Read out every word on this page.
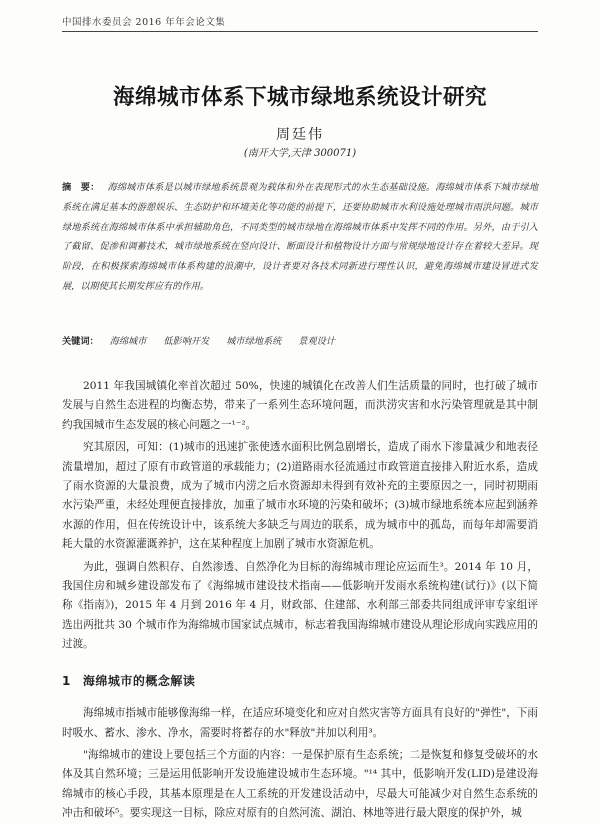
中国排水委员会 2016 年年会论文集
海绵城市体系下城市绿地系统设计研究
周廷伟
(南开大学,天津 300071)
摘　要： 海绵城市体系是以城市绿地系统景观为载体和外在表现形式的水生态基础设施。海绵城市体系下城市绿地系统在满足基本的游憩娱乐、生态防护和环境美化等功能的前提下，还要协助城市水利设施处理城市雨洪问题。城市绿地系统在海绵城市体系中承担辅助角色，不同类型的城市绿地在海绵城市体系中发挥不同的作用。另外，由于引入了截留、促渗和调蓄技术，城市绿地系统在竖向设计、断面设计和植物设计方面与常规绿地设计存在着较大差异。现阶段，在积极探索海绵城市体系构建的浪潮中，设计者要对各技术同新进行理性认识，避免海绵城市建设冒进式发展，以期使其长期发挥应有的作用。
关键词： 海绵城市 低影响开发 城市绿地系统 景观设计

2011 年我国城镇化率首次超过 50%，快速的城镇化在改善人们生活质量的同时，也打破了城市发展与自然生态进程的均衡态势，带来了一系列生态环境问题，而洪涝灾害和水污染管理就是其中制约我国城市生态发展的核心问题之一¹⁻²。

究其原因，可知：(1)城市的迅速扩张使透水面积比例急剧增长，造成了雨水下渗量减少和地表径流量增加，超过了原有市政管道的承载能力；(2)道路雨水径流通过市政管道直接排入附近水系，造成了雨水资源的大量浪费，成为了城市内涝之后水资源却未得到有效补充的主要原因之一，同时初期雨水污染严重，未经处理便直接排放，加重了城市水环境的污染和破坏；(3)城市绿地系统本应起到涵养水源的作用，但在传统设计中，该系统大多缺乏与周边的联系，成为城市中的孤岛，而每年却需要消耗大量的水资源灌溉养护，这在某种程度上加剧了城市水资源危机。

为此，强调自然积存、自然渗透、自然净化为目标的海绵城市理论应运而生³。2014 年 10 月，我国住房和城乡建设部发布了《海绵城市建设技术指南——低影响开发雨水系统构建(试行)》(以下简称《指南》)，2015 年 4 月到 2016 年 4 月，财政部、住建部、水利部三部委共同组成评审专家组评选出两批共 30 个城市作为海绵城市国家试点城市，标志着我国海绵城市建设从理论形成向实践应用的过渡。

1 海绵城市的概念解读

海绵城市指城市能够像海绵一样，在适应环境变化和应对自然灾害等方面具有良好的"弹性"，下雨时吸水、蓄水、渗水、净水，需要时将蓄存的水"释放"并加以利用³。

"海绵城市的建设上要包括三个方面的内容：一是保护原有生态系统；二是恢复和修复受破坏的水体及其自然环境；三是运用低影响开发设施建设城市生态环境。"¹⁴ 其中，低影响开发(LID)是建设海绵城市的核心手段，其基本原理是在人工系统的开发建设活动中，尽最大可能减少对自然生态系统的冲击和破坏⁵。要实现这一目标，除应对原有的自然河流、湖泊、林地等进行最大限度的保护外，城
